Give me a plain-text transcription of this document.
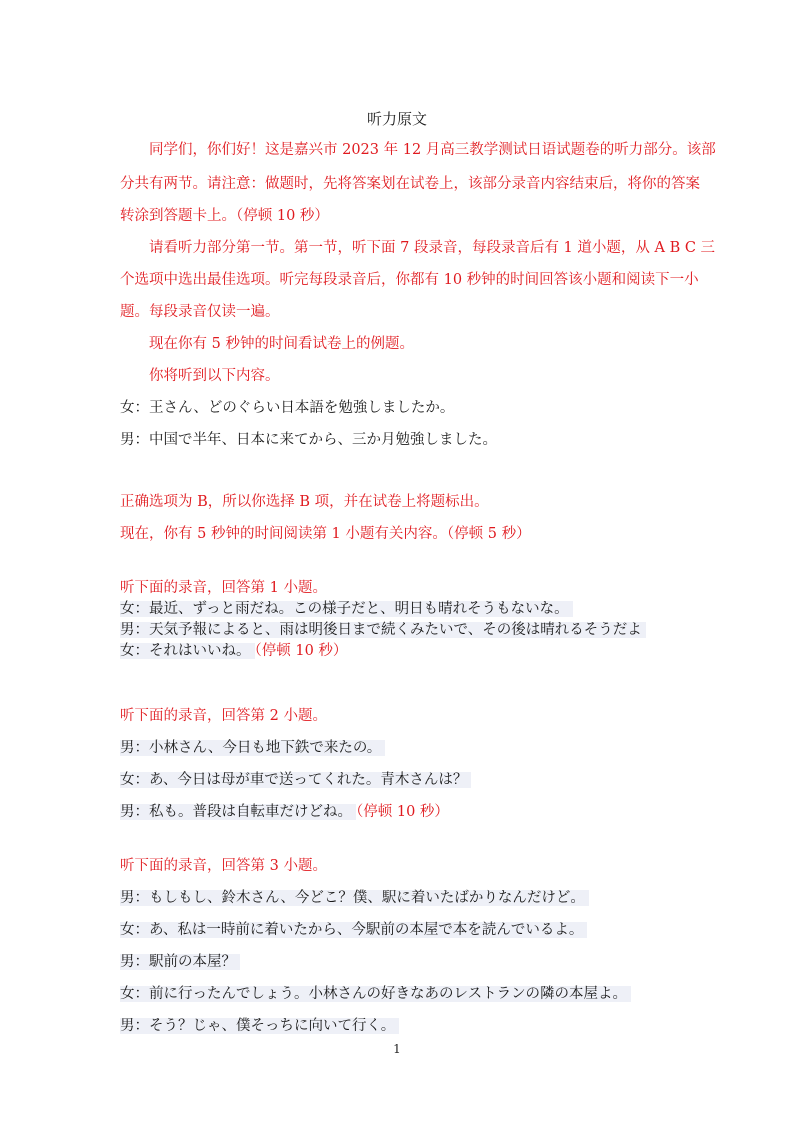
听力原文
同学们，你们好！这是嘉兴市 2023 年 12 月高三教学测试日语试题卷的听力部分。该部
分共有两节。请注意：做题时，先将答案划在试卷上，该部分录音内容结束后，将你的答案
转涂到答题卡上。（停顿 10 秒）
请看听力部分第一节。第一节，听下面 7 段录音，每段录音后有 1 道小题，从 A B C 三
个选项中选出最佳选项。听完每段录音后，你都有 10 秒钟的时间回答该小题和阅读下一小
题。每段录音仅读一遍。
现在你有 5 秒钟的时间看试卷上的例题。
你将听到以下内容。
女：王さん、どのぐらい日本語を勉強しましたか。
男：中国で半年、日本に来てから、三か月勉強しました。
正确选项为 B，所以你选择 B 项，并在试卷上将题标出。
现在，你有 5 秒钟的时间阅读第 1 小题有关内容。（停顿 5 秒）
听下面的录音，回答第 1 小题。
女：最近、ずっと雨だね。この様子だと、明日も晴れそうもないな。
男：天気予報によると、雨は明後日まで続くみたいで、その後は晴れるそうだよ
女：それはいいね。 （停顿 10 秒）
听下面的录音，回答第 2 小题。
男：小林さん、今日も地下鉄で来たの。
女：あ、今日は母が車で送ってくれた。青木さんは？
男：私も。普段は自転車だけどね。 （停顿 10 秒）
听下面的录音，回答第 3 小题。
男：もしもし、鈴木さん、今どこ？僕、駅に着いたばかりなんだけど。
女：あ、私は一時前に着いたから、今駅前の本屋で本を読んでいるよ。
男：駅前の本屋？
女：前に行ったんでしょう。小林さんの好きなあのレストランの隣の本屋よ。
男：そう？じゃ、僕そっちに向いて行く。
1
